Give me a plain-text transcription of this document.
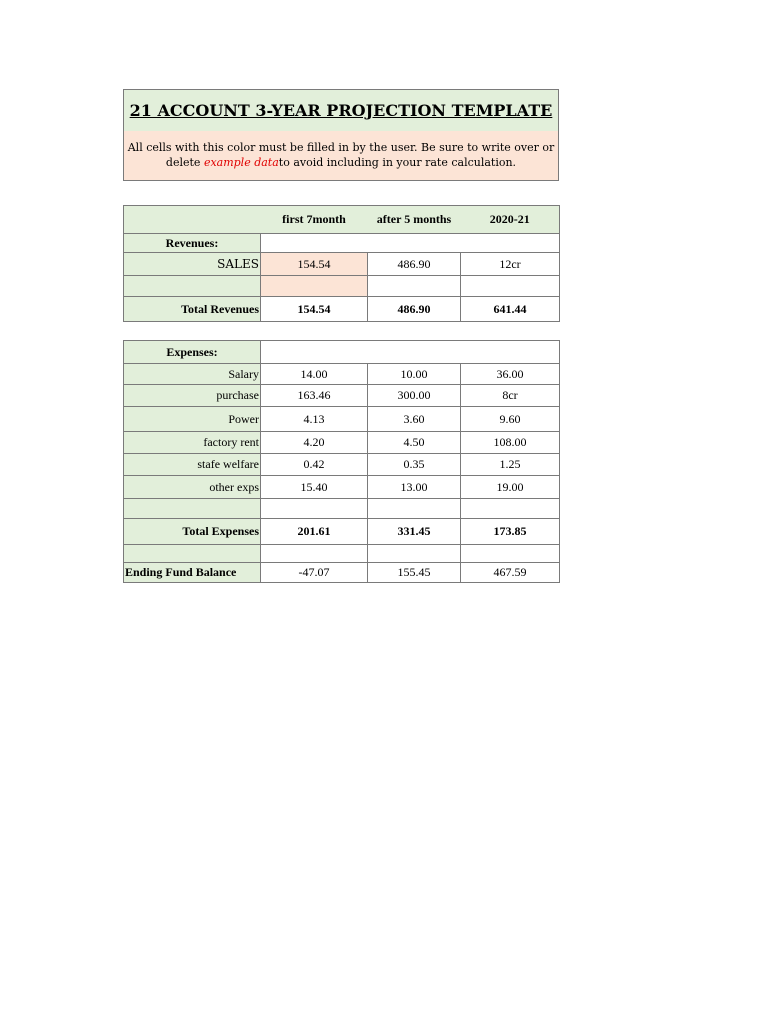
21 ACCOUNT 3-YEAR PROJECTION TEMPLATE
All cells with this color must be filled in by the user. Be sure to write over or delete example datato avoid including in your rate calculation.
	first 7month	after 5 months	2020-21
Revenues:			
SALES	154.54	486.90	12cr

Total Revenues	154.54	486.90	641.44
Expenses:			
Salary	14.00	10.00	36.00
purchase	163.46	300.00	8cr
Power	4.13	3.60	9.60
factory rent	4.20	4.50	108.00
stafe welfare	0.42	0.35	1.25
other exps	15.40	13.00	19.00

Total Expenses	201.61	331.45	173.85

Ending Fund Balance	-47.07	155.45	467.59
